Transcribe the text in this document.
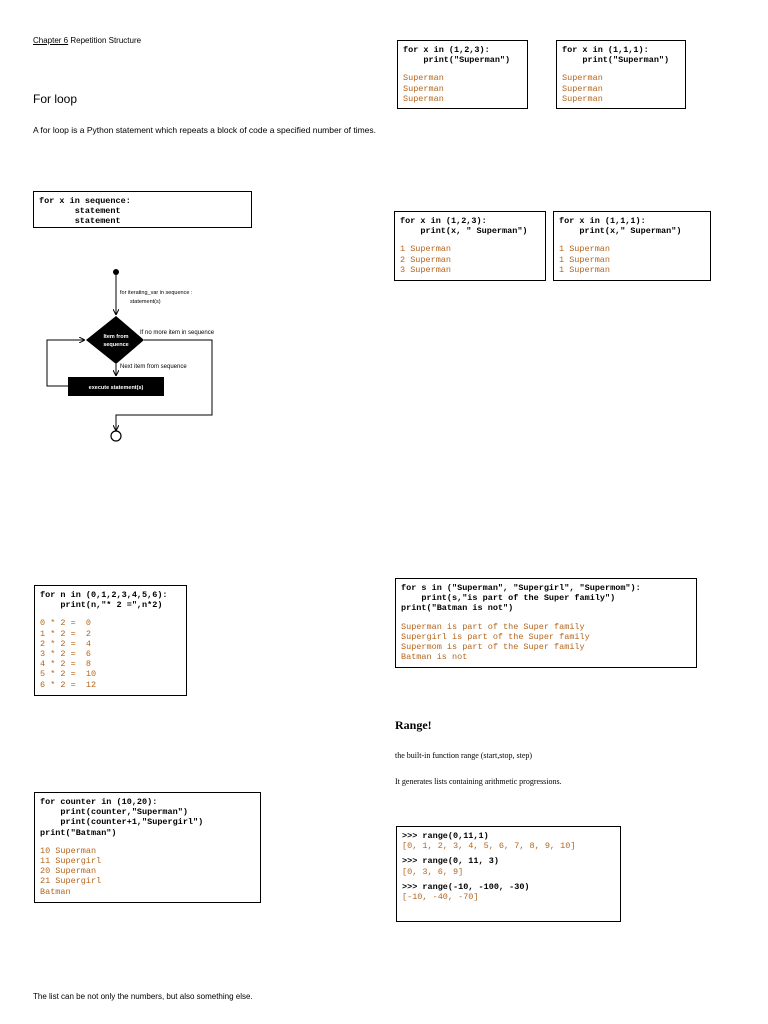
Chapter 6 Repetition Structure
For loop
A for loop is a Python statement which repeats a block of code a specified number of times.
for x in sequence:
statement
statement
for iterating_var in sequence :
statement(s)
Item from
sequence
If no more item in sequence
Next item from sequence
execute statement(s)
for x in (1,2,3):
print("Superman")
Superman
Superman
Superman
for x in (1,1,1):
print("Superman")
Superman
Superman
Superman
for x in (1,2,3):
print(x, " Superman")
1 Superman
2 Superman
3 Superman
for x in (1,1,1):
print(x," Superman")
1 Superman
1 Superman
1 Superman
for n in (0,1,2,3,4,5,6):
print(n,"* 2 =",n*2)
0 * 2 =  0
1 * 2 =  2
2 * 2 =  4
3 * 2 =  6
4 * 2 =  8
5 * 2 =  10
6 * 2 =  12
for s in ("Superman", "Supergirl", "Supermom"):
print(s,"is part of the Super family")
print("Batman is not")
Superman is part of the Super family
Supergirl is part of the Super family
Supermom is part of the Super family
Batman is not
for counter in (10,20):
print(counter,"Superman")
print(counter+1,"Supergirl")
print("Batman")
10 Superman
11 Supergirl
20 Superman
21 Supergirl
Batman
Range!
the built-in function range (start,stop, step)
It generates lists containing arithmetic progressions.
>>> range(0,11,1)
[0, 1, 2, 3, 4, 5, 6, 7, 8, 9, 10]
>>> range(0, 11, 3)
[0, 3, 6, 9]
>>> range(-10, -100, -30)
[-10, -40, -70]
The list can be not only the numbers, but also something else.
